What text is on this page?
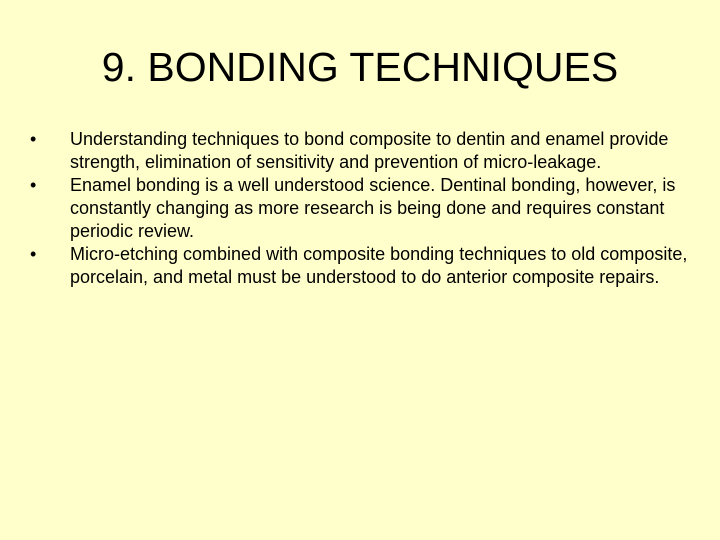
9. BONDING TECHNIQUES
•	Understanding techniques to bond composite to dentin and enamel provide strength, elimination of sensitivity and prevention of micro-leakage.
•	Enamel bonding is a well understood science. Dentinal bonding, however, is constantly changing as more research is being done and requires constant periodic review.
•	Micro-etching combined with composite bonding techniques to old composite, porcelain, and metal must be understood to do anterior composite repairs.
